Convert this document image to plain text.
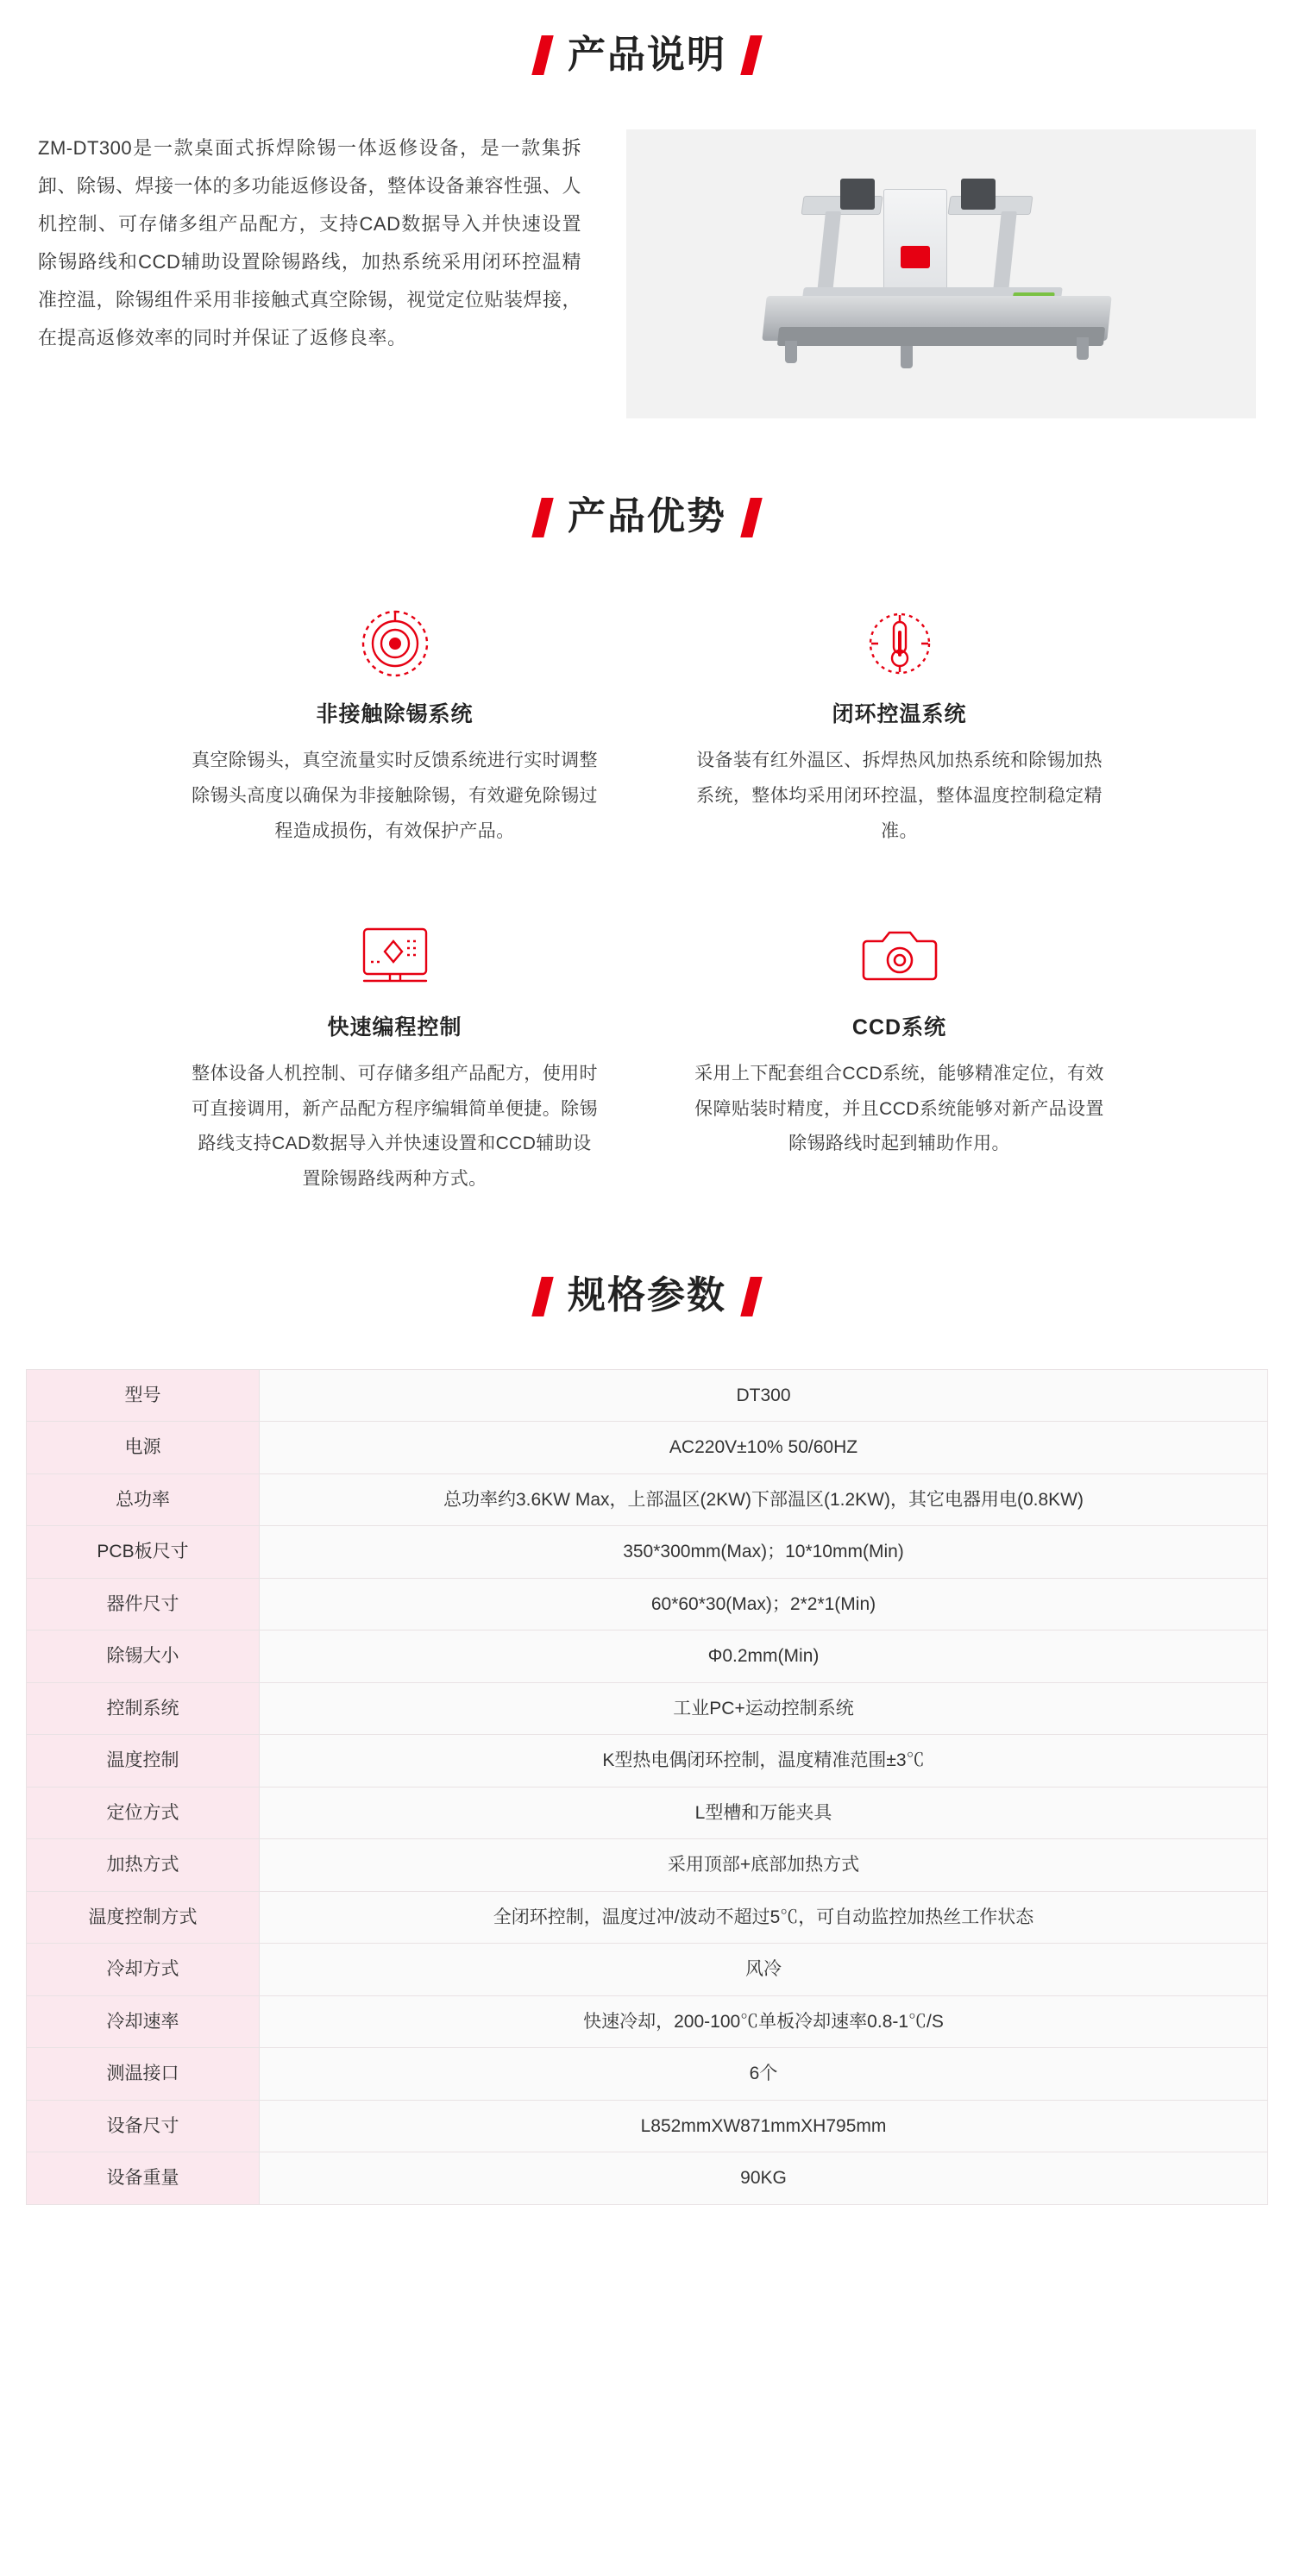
产品说明
ZM-DT300是一款桌面式拆焊除锡一体返修设备，是一款集拆卸、除锡、焊接一体的多功能返修设备，整体设备兼容性强、人机控制、可存储多组产品配方，支持CAD数据导入并快速设置除锡路线和CCD辅助设置除锡路线，加热系统采用闭环控温精准控温，除锡组件采用非接触式真空除锡，视觉定位贴装焊接，在提高返修效率的同时并保证了返修良率。
产品优势
非接触除锡系统
真空除锡头，真空流量实时反馈系统进行实时调整除锡头高度以确保为非接触除锡，有效避免除锡过程造成损伤，有效保护产品。
闭环控温系统
设备装有红外温区、拆焊热风加热系统和除锡加热系统，整体均采用闭环控温，整体温度控制稳定精准。
快速编程控制
整体设备人机控制、可存储多组产品配方，使用时可直接调用，新产品配方程序编辑简单便捷。除锡路线支持CAD数据导入并快速设置和CCD辅助设置除锡路线两种方式。
CCD系统
采用上下配套组合CCD系统，能够精准定位，有效保障贴装时精度，并且CCD系统能够对新产品设置除锡路线时起到辅助作用。
规格参数
型号	DT300
电源	AC220V±10% 50/60HZ
总功率	总功率约3.6KW Max，上部温区(2KW)下部温区(1.2KW)，其它电器用电(0.8KW)
PCB板尺寸	350*300mm(Max)；10*10mm(Min)
器件尺寸	60*60*30(Max)；2*2*1(Min)
除锡大小	Φ0.2mm(Min)
控制系统	工业PC+运动控制系统
温度控制	K型热电偶闭环控制，温度精准范围±3℃
定位方式	L型槽和万能夹具
加热方式	采用顶部+底部加热方式
温度控制方式	全闭环控制，温度过冲/波动不超过5℃，可自动监控加热丝工作状态
冷却方式	风冷
冷却速率	快速冷却，200-100℃单板冷却速率0.8-1℃/S
测温接口	6个
设备尺寸	L852mmXW871mmXH795mm
设备重量	90KG
